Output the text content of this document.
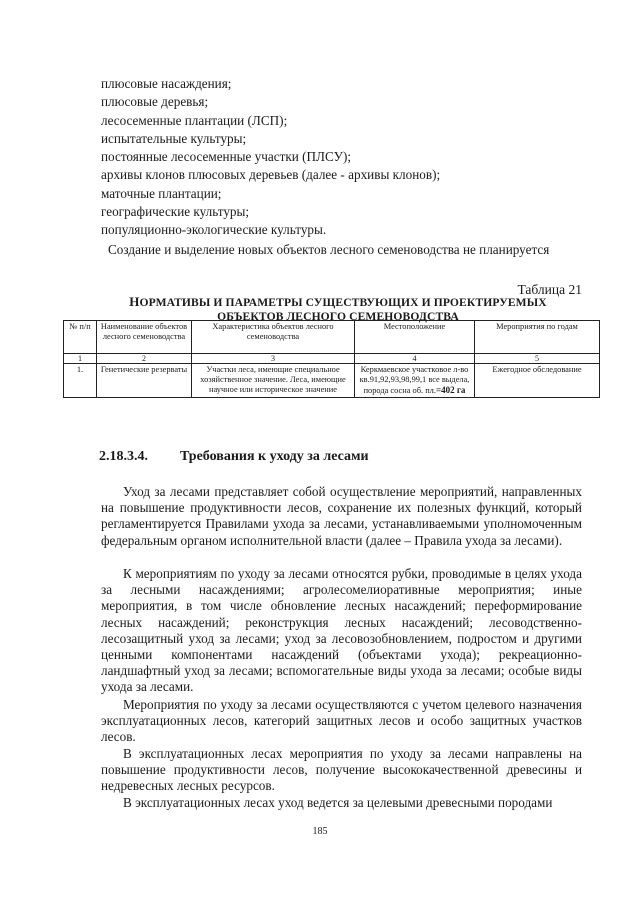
плюсовые насаждения;
плюсовые деревья;
лесосеменные плантации (ЛСП);
испытательные культуры;
постоянные лесосеменные участки (ПЛСУ);
архивы клонов плюсовых деревьев (далее - архивы клонов);
маточные плантации;
географические культуры;
популяционно-экологические культуры.

Создание и выделение новых объектов лесного семеноводства не планируется

Таблица 21
НОРМАТИВЫ И ПАРАМЕТРЫ СУЩЕСТВУЮЩИХ И ПРОЕКТИРУЕМЫХ ОБЪЕКТОВ ЛЕСНОГО СЕМЕНОВОДСТВА
№ п/п	Наименование объектов лесного семеноводства	Характеристика объектов лесного семеноводства	Местоположение	Мероприятия по годам
1	2	3	4	5
1.	Генетические резерваты	Участки леса, имеющие специальное хозяйственное значение. Леса, имеющие научное или историческое значение	Керкмаевское участковое л-во кв.91,92,93,98,99,1 все выдела, порода сосна об. пл.=402 га	Ежегодное обследование
2.18.3.4. Требования к уходу за лесами

Уход за лесами представляет собой осуществление мероприятий, направленных на повышение продуктивности лесов, сохранение их полезных функций, который регламентируется Правилами ухода за лесами, устанавливаемыми уполномоченным федеральным органом исполнительной власти (далее – Правила ухода за лесами).

К мероприятиям по уходу за лесами относятся рубки, проводимые в целях ухода за лесными насаждениями; агролесомелиоративные мероприятия; иные мероприятия, в том числе обновление лесных насаждений; переформирование лесных насаждений; реконструкция лесных насаждений; лесоводственно-лесозащитный уход за лесами; уход за лесовозобновлением, подростом и другими ценными компонентами насаждений (объектами ухода); рекреационно-ландшафтный уход за лесами; вспомогательные виды ухода за лесами; особые виды ухода за лесами.

Мероприятия по уходу за лесами осуществляются с учетом целевого назначения эксплуатационных лесов, категорий защитных лесов и особо защитных участков лесов.

В эксплуатационных лесах мероприятия по уходу за лесами направлены на повышение продуктивности лесов, получение высококачественной древесины и недревесных лесных ресурсов.

В эксплуатационных лесах уход ведется за целевыми древесными породами

185
